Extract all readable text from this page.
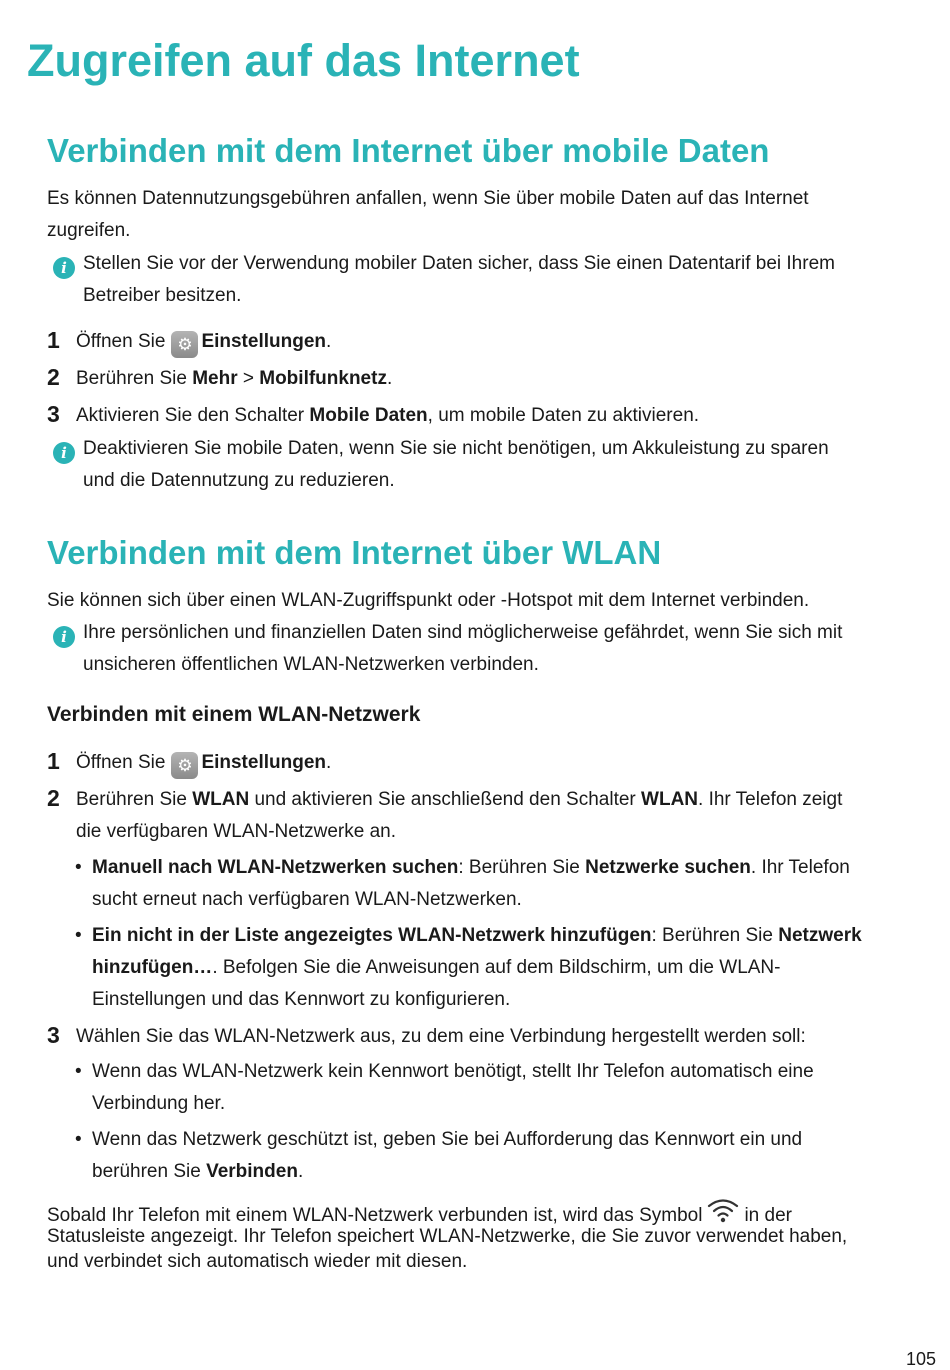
Zugreifen auf das Internet
Verbinden mit dem Internet über mobile Daten
Es können Datennutzungsgebühren anfallen, wenn Sie über mobile Daten auf das Internet
zugreifen.
i Stellen Sie vor der Verwendung mobiler Daten sicher, dass Sie einen Datentarif bei Ihrem
Betreiber besitzen.
1 Öffnen Sie ⚙ Einstellungen.
2 Berühren Sie Mehr > Mobilfunknetz.
3 Aktivieren Sie den Schalter Mobile Daten, um mobile Daten zu aktivieren.
i Deaktivieren Sie mobile Daten, wenn Sie sie nicht benötigen, um Akkuleistung zu sparen
und die Datennutzung zu reduzieren.
Verbinden mit dem Internet über WLAN
Sie können sich über einen WLAN-Zugriffspunkt oder -Hotspot mit dem Internet verbinden.
i Ihre persönlichen und finanziellen Daten sind möglicherweise gefährdet, wenn Sie sich mit
unsicheren öffentlichen WLAN-Netzwerken verbinden.
Verbinden mit einem WLAN-Netzwerk
1 Öffnen Sie ⚙ Einstellungen.
2 Berühren Sie WLAN und aktivieren Sie anschließend den Schalter WLAN. Ihr Telefon zeigt
die verfügbaren WLAN-Netzwerke an.
• Manuell nach WLAN-Netzwerken suchen: Berühren Sie Netzwerke suchen. Ihr Telefon
sucht erneut nach verfügbaren WLAN-Netzwerken.
• Ein nicht in der Liste angezeigtes WLAN-Netzwerk hinzufügen: Berühren Sie Netzwerk
hinzufügen…. Befolgen Sie die Anweisungen auf dem Bildschirm, um die WLAN-
Einstellungen und das Kennwort zu konfigurieren.
3 Wählen Sie das WLAN-Netzwerk aus, zu dem eine Verbindung hergestellt werden soll:
• Wenn das WLAN-Netzwerk kein Kennwort benötigt, stellt Ihr Telefon automatisch eine
Verbindung her.
• Wenn das Netzwerk geschützt ist, geben Sie bei Aufforderung das Kennwort ein und
berühren Sie Verbinden.
Sobald Ihr Telefon mit einem WLAN-Netzwerk verbunden ist, wird das Symbol in der
Statusleiste angezeigt. Ihr Telefon speichert WLAN-Netzwerke, die Sie zuvor verwendet haben,
und verbindet sich automatisch wieder mit diesen.
105
